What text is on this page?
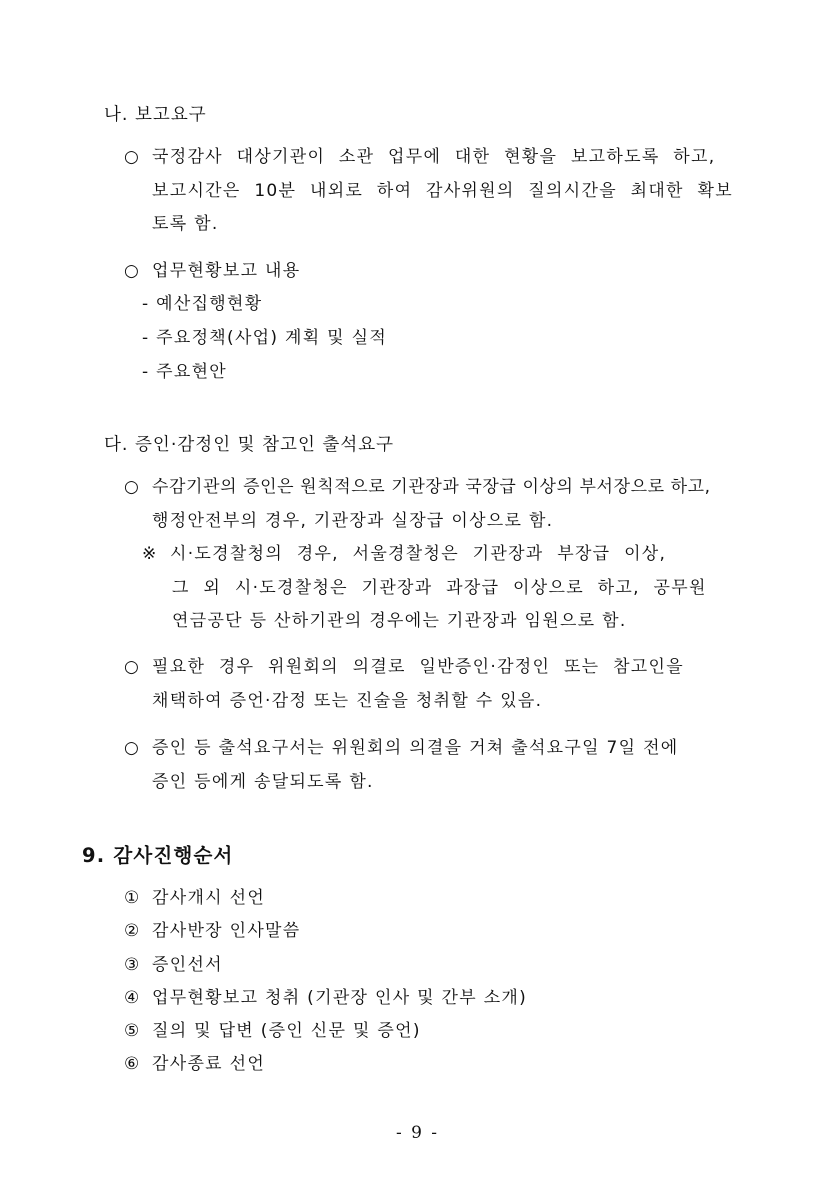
나. 보고요구
○ 국정감사 대상기관이 소관 업무에 대한 현황을 보고하도록 하고,
보고시간은 10분 내외로 하여 감사위원의 질의시간을 최대한 확보
토록 함.
○ 업무현황보고 내용
- 예산집행현황
- 주요정책(사업) 계획 및 실적
- 주요현안
다. 증인·감정인 및 참고인 출석요구
○ 수감기관의 증인은 원칙적으로 기관장과 국장급 이상의 부서장으로 하고,
행정안전부의 경우, 기관장과 실장급 이상으로 함.
※ 시·도경찰청의 경우, 서울경찰청은 기관장과 부장급 이상,
그 외 시·도경찰청은 기관장과 과장급 이상으로 하고, 공무원
연금공단 등 산하기관의 경우에는 기관장과 임원으로 함.
○ 필요한 경우 위원회의 의결로 일반증인·감정인 또는 참고인을
채택하여 증언·감정 또는 진술을 청취할 수 있음.
○ 증인 등 출석요구서는 위원회의 의결을 거쳐 출석요구일 7일 전에
증인 등에게 송달되도록 함.
9. 감사진행순서
① 감사개시 선언
② 감사반장 인사말씀
③ 증인선서
④ 업무현황보고 청취 (기관장 인사 및 간부 소개)
⑤ 질의 및 답변 (증인 신문 및 증언)
⑥ 감사종료 선언
- 9 -
